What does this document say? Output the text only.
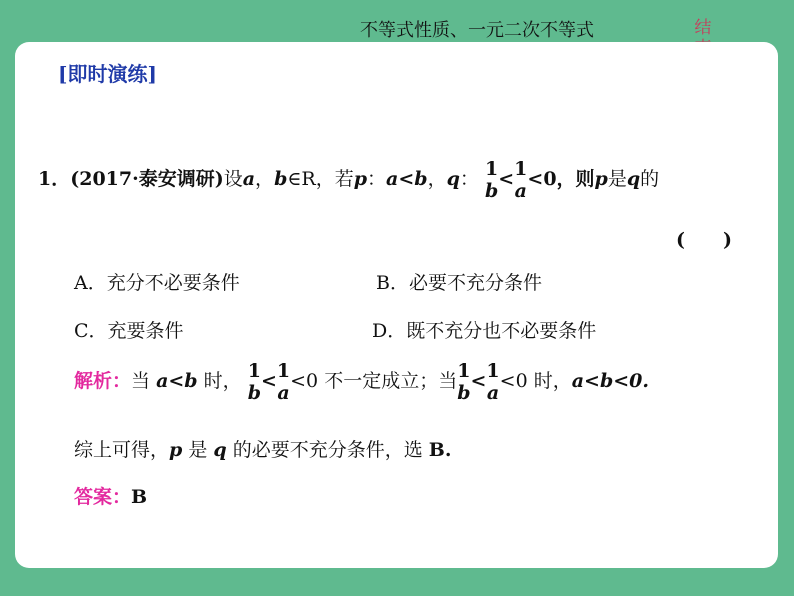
不等式性质、一元二次不等式	结
[即时演练]
1．(2017·泰安调研)设a，b∈R，若p：a<b，q： 1
b
< 1
a
<0，则p是q的
(　　)
A．充分不必要条件	B．必要不充分条件
C．充要条件	D．既不充分也不必要条件
解析：当 a<b 时， 1
b
< 1
a
<0 不一定成立；当 1
b
< 1
a
<0 时，a<b<0.
综上可得，p 是 q 的必要不充分条件，选 B.
答案：B
